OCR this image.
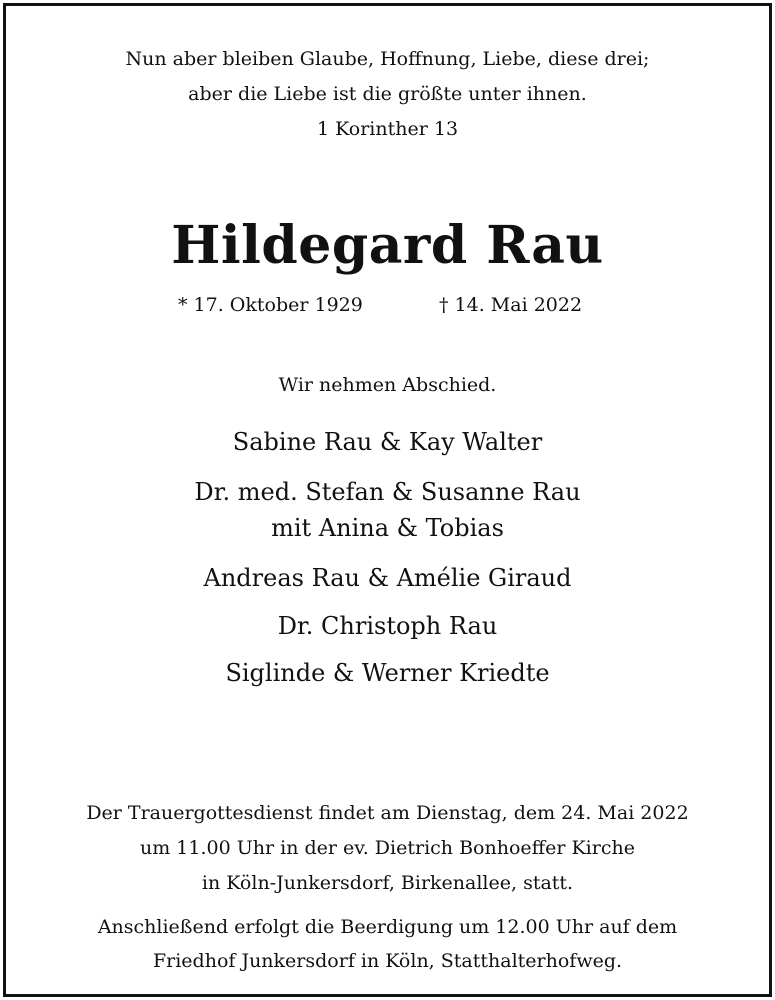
Nun aber bleiben Glaube, Hoffnung, Liebe, diese drei;
aber die Liebe ist die größte unter ihnen.
1 Korinther 13
Hildegard Rau
* 17. Oktober 1929	† 14. Mai 2022
Wir nehmen Abschied.
Sabine Rau & Kay Walter
Dr. med. Stefan & Susanne Rau
mit Anina & Tobias
Andreas Rau & Amélie Giraud
Dr. Christoph Rau
Siglinde & Werner Kriedte
Der Trauergottesdienst findet am Dienstag, dem 24. Mai 2022
um 11.00 Uhr in der ev. Dietrich Bonhoeffer Kirche
in Köln-Junkersdorf, Birkenallee, statt.
Anschließend erfolgt die Beerdigung um 12.00 Uhr auf dem
Friedhof Junkersdorf in Köln, Statthalterhofweg.
